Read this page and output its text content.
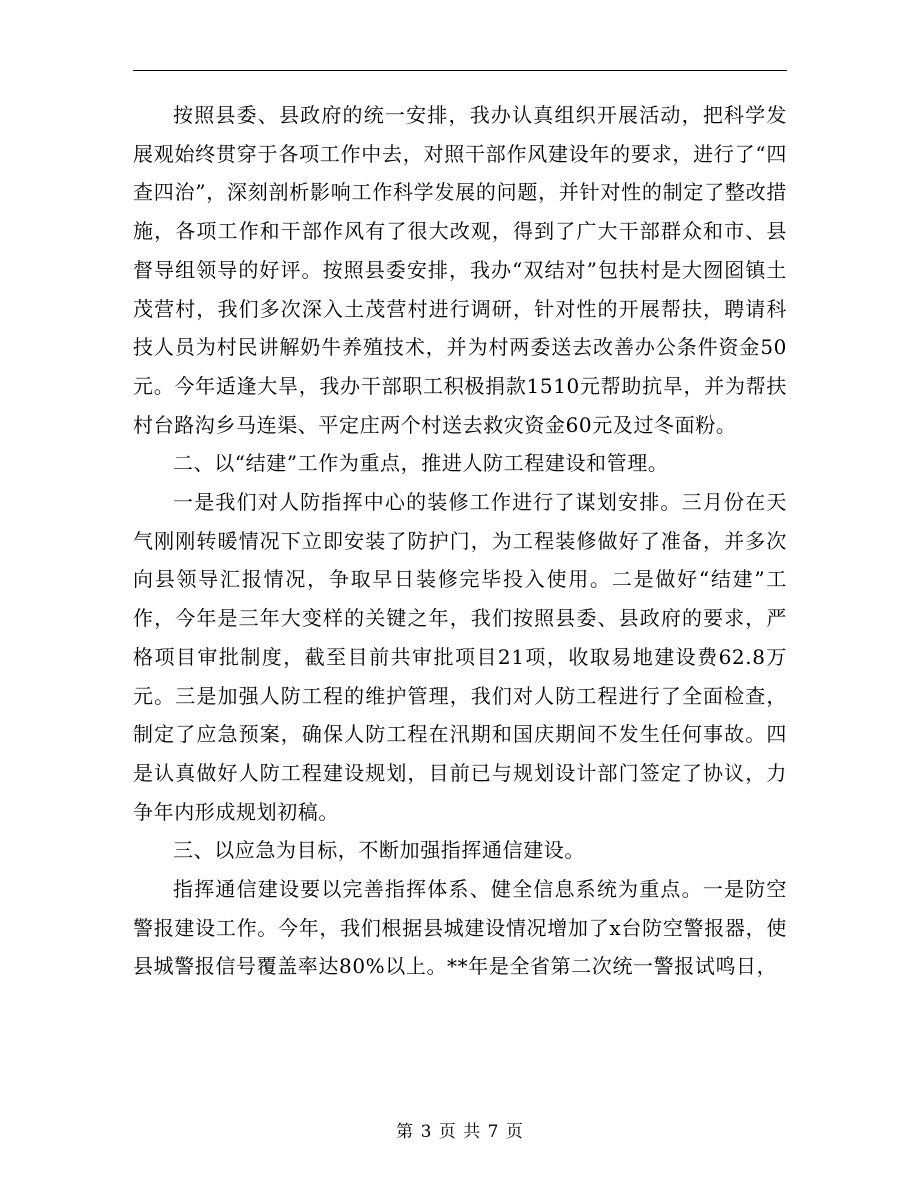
按照县委、县政府的统一安排，我办认真组织开展活动，把科学发展观始终贯穿于各项工作中去，对照干部作风建设年的要求，进行了“四查四治”，深刻剖析影响工作科学发展的问题，并针对性的制定了整改措施，各项工作和干部作风有了很大改观，得到了广大干部群众和市、县督导组领导的好评。按照县委安排，我办“双结对”包扶村是大囫囵镇土茂营村，我们多次深入土茂营村进行调研，针对性的开展帮扶，聘请科技人员为村民讲解奶牛养殖技术，并为村两委送去改善办公条件资金50元。今年适逢大旱，我办干部职工积极捐款1510元帮助抗旱，并为帮扶村台路沟乡马连渠、平定庄两个村送去救灾资金60元及过冬面粉。

二、以“结建”工作为重点，推进人防工程建设和管理。

一是我们对人防指挥中心的装修工作进行了谋划安排。三月份在天气刚刚转暖情况下立即安装了防护门，为工程装修做好了准备，并多次向县领导汇报情况，争取早日装修完毕投入使用。二是做好“结建”工作，今年是三年大变样的关键之年，我们按照县委、县政府的要求，严格项目审批制度，截至目前共审批项目21项，收取易地建设费62.8万元。三是加强人防工程的维护管理，我们对人防工程进行了全面检查，制定了应急预案，确保人防工程在汛期和国庆期间不发生任何事故。四是认真做好人防工程建设规划，目前已与规划设计部门签定了协议，力争年内形成规划初稿。

三、以应急为目标，不断加强指挥通信建设。

指挥通信建设要以完善指挥体系、健全信息系统为重点。一是防空警报建设工作。今年，我们根据县城建设情况增加了x台防空警报器，使县城警报信号覆盖率达80%以上。**年是全省第二次统一警报试鸣日，

第 3 页 共 7 页
